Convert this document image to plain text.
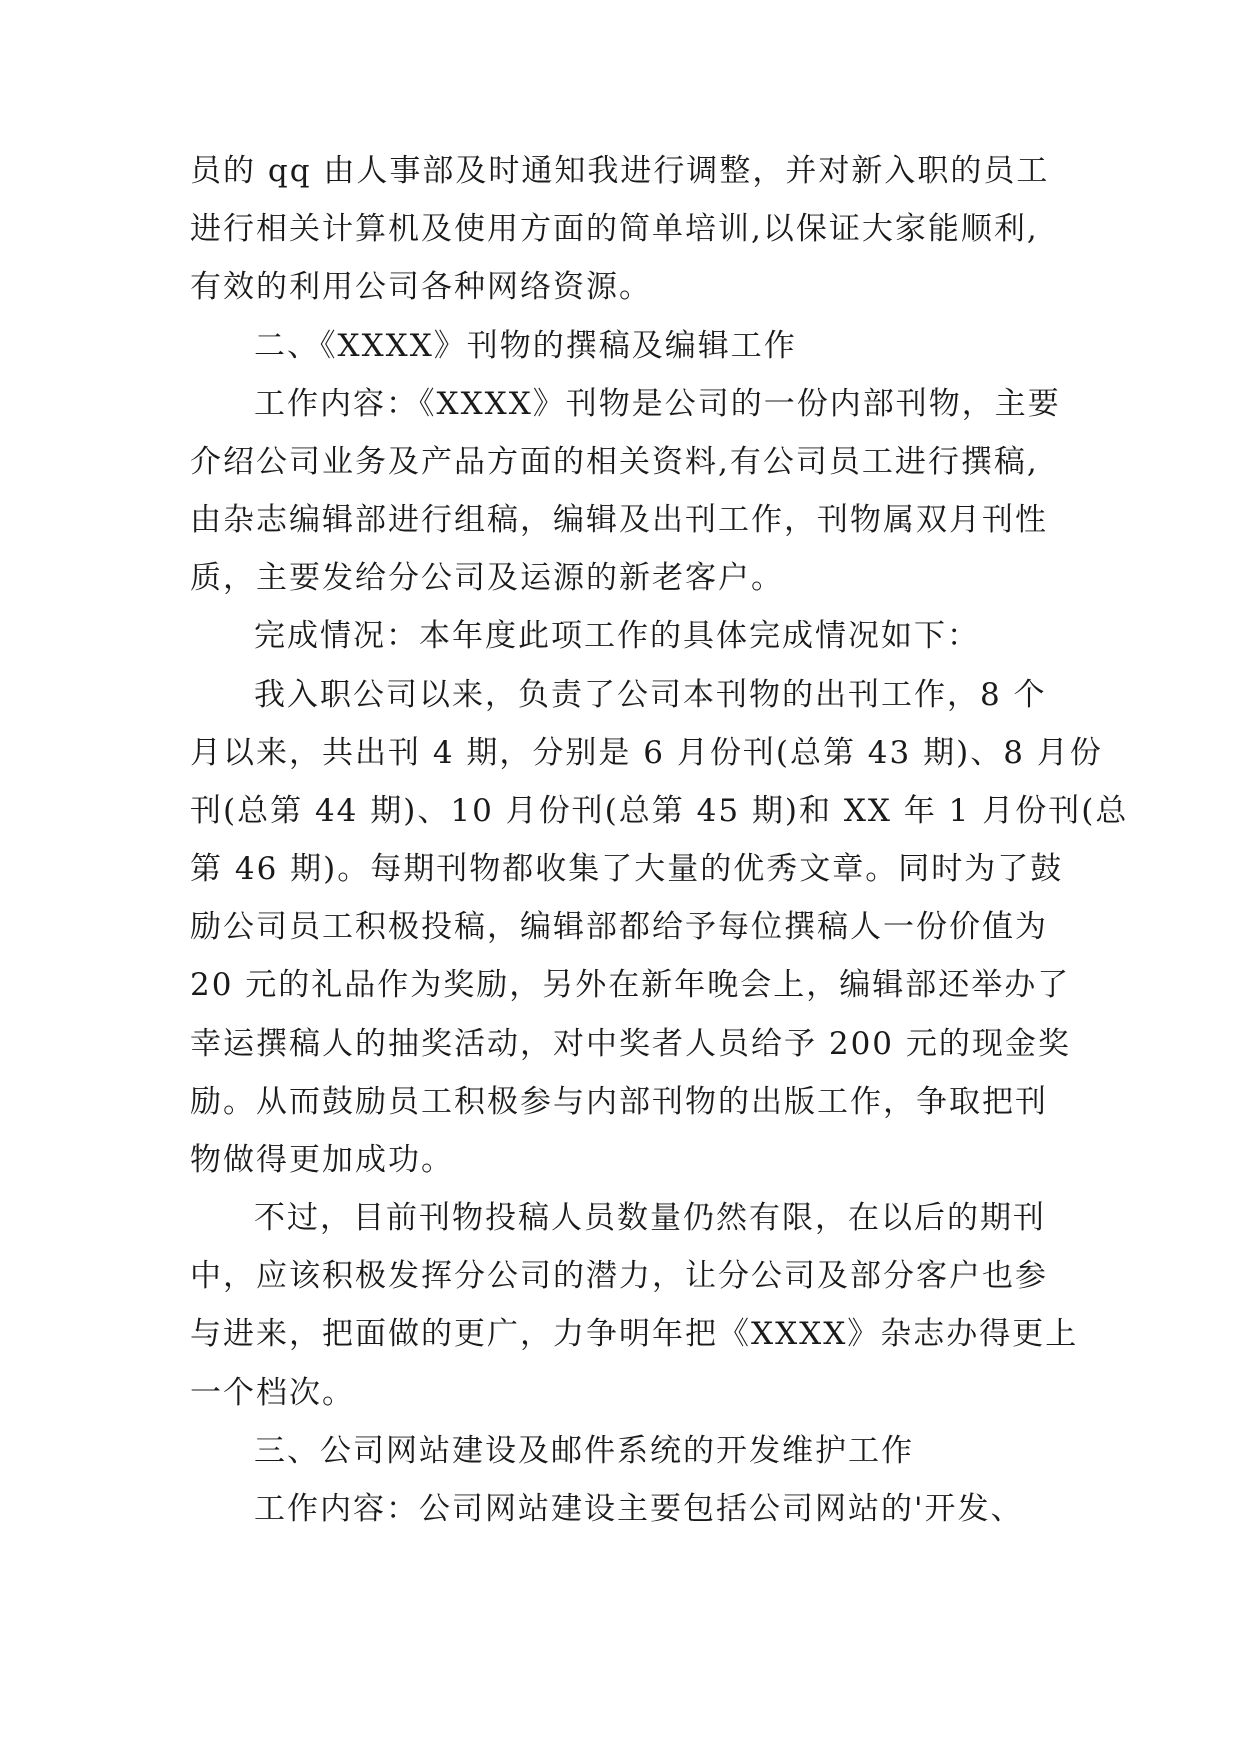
员的 qq 由人事部及时通知我进行调整，并对新入职的员工
进行相关计算机及使用方面的简单培训,以保证大家能顺利,
有效的利用公司各种网络资源。
二、《XXXX》刊物的撰稿及编辑工作
工作内容：《XXXX》刊物是公司的一份内部刊物，主要
介绍公司业务及产品方面的相关资料,有公司员工进行撰稿,
由杂志编辑部进行组稿，编辑及出刊工作，刊物属双月刊性
质，主要发给分公司及运源的新老客户。
完成情况：本年度此项工作的具体完成情况如下：
我入职公司以来，负责了公司本刊物的出刊工作，8 个
月以来，共出刊 4 期，分别是 6 月份刊(总第 43 期)、8 月份
刊(总第 44 期)、10 月份刊(总第 45 期)和 XX 年 1 月份刊(总
第 46 期)。每期刊物都收集了大量的优秀文章。同时为了鼓
励公司员工积极投稿，编辑部都给予每位撰稿人一份价值为
20 元的礼品作为奖励，另外在新年晚会上，编辑部还举办了
幸运撰稿人的抽奖活动，对中奖者人员给予 200 元的现金奖
励。从而鼓励员工积极参与内部刊物的出版工作，争取把刊
物做得更加成功。
不过，目前刊物投稿人员数量仍然有限，在以后的期刊
中，应该积极发挥分公司的潜力，让分公司及部分客户也参
与进来，把面做的更广，力争明年把《XXXX》杂志办得更上
一个档次。
三、公司网站建设及邮件系统的开发维护工作
工作内容：公司网站建设主要包括公司网站的'开发、
